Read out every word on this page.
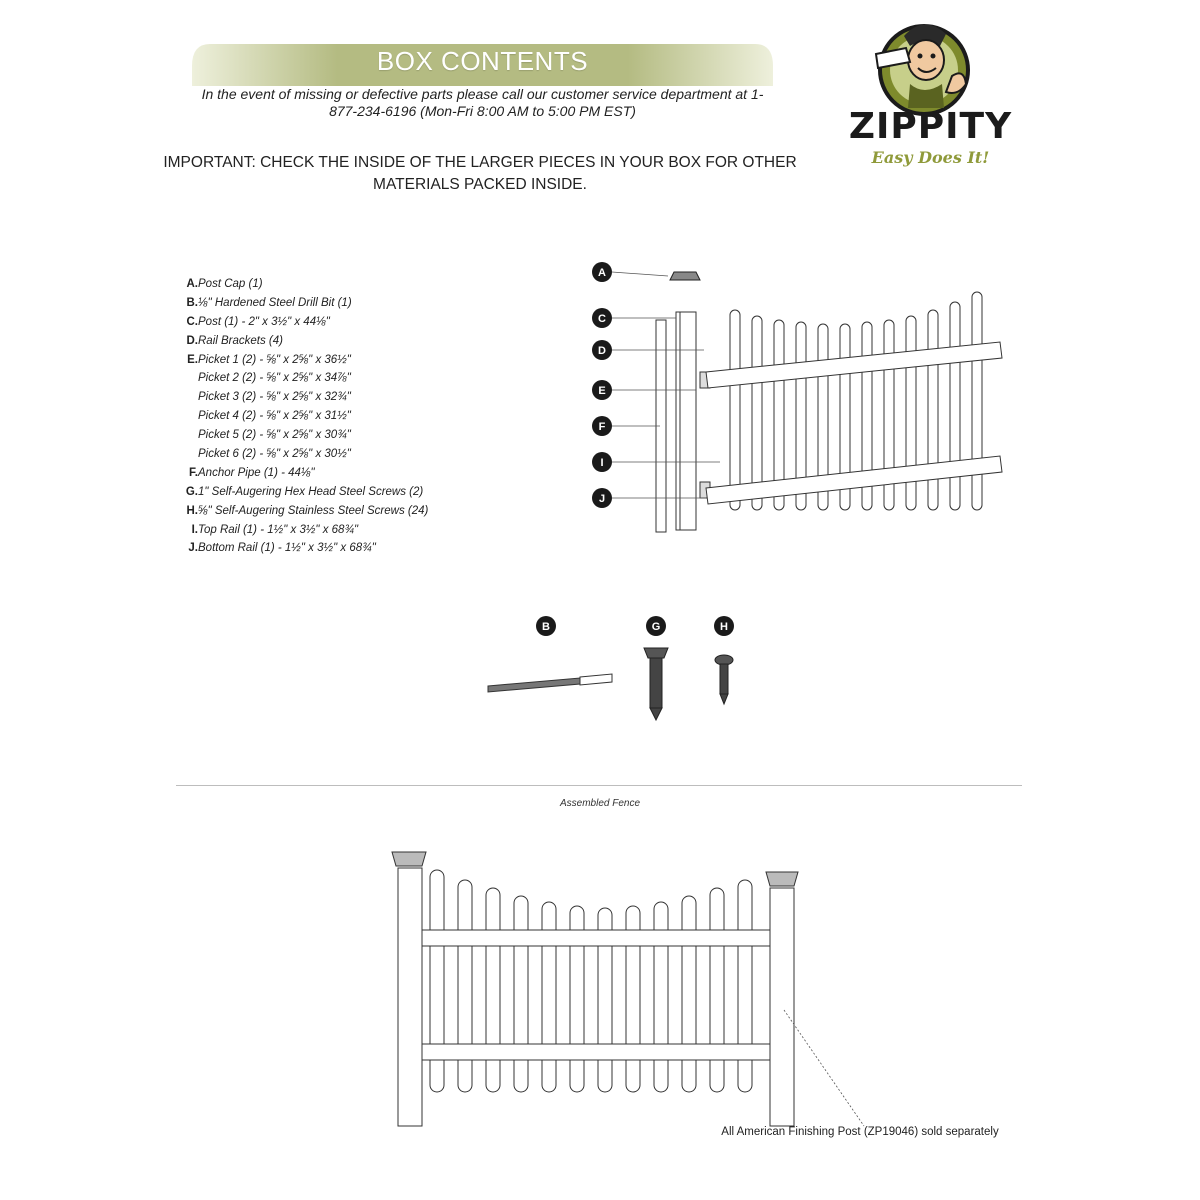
BOX CONTENTS
In the event of missing or defective parts please call our customer service department at 1-877-234-6196 (Mon-Fri 8:00 AM to 5:00 PM EST)
IMPORTANT: CHECK THE INSIDE OF THE LARGER PIECES IN YOUR BOX FOR OTHER MATERIALS PACKED INSIDE.
ZIPPITY
Easy Does It!
A. Post Cap (1)
B. ⅛" Hardened Steel Drill Bit (1)
C. Post (1) - 2" x 3½" x 44⅛"
D. Rail Brackets (4)
E. Picket 1 (2) - ⅝" x 2⅝" x 36½"
Picket 2 (2) - ⅝" x 2⅝" x 34⅞"
Picket 3 (2) - ⅝" x 2⅝" x 32¾"
Picket 4 (2) - ⅝" x 2⅝" x 31½"
Picket 5 (2) - ⅝" x 2⅝" x 30¾"
Picket 6 (2) - ⅝" x 2⅝" x 30½"
F. Anchor Pipe (1) - 44⅛"
G. 1" Self-Augering Hex Head Steel Screws (2)
H. ⅝" Self-Augering Stainless Steel Screws (24)
I. Top Rail (1) - 1½" x 3½" x 68¾"
J. Bottom Rail (1) - 1½" x 3½" x 68¾"
A
C
D
E
F
I
J
B	G	H
Assembled Fence
All American Finishing Post (ZP19046) sold separately
